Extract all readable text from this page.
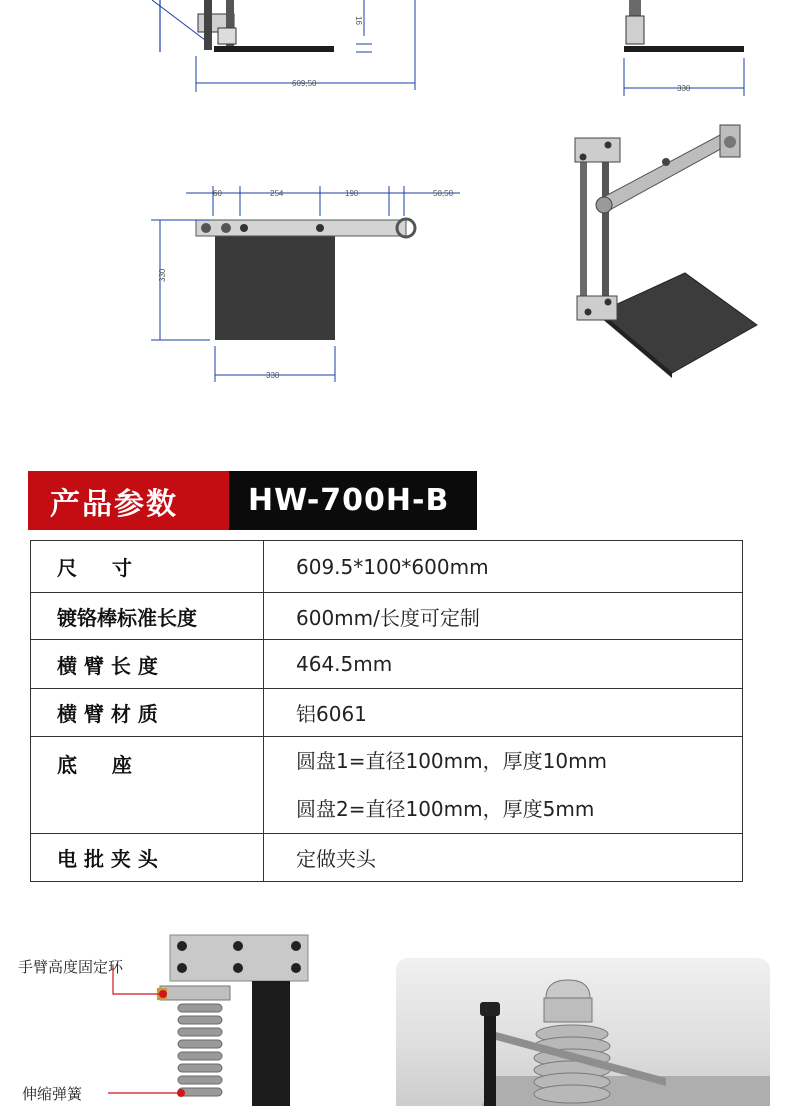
16
609,50
330
60	254	190	50,50
330
330
产品参数	HW-700H-B
尺     寸	609.5*100*600mm
镀铬棒标准长度	600mm/长度可定制
横 臂 长 度	464.5mm
横 臂 材 质	铝6061
底     座	圆盘1=直径100mm，厚度10mm
圆盘2=直径100mm，厚度5mm

电 批 夹 头	定做夹头
手臂高度固定环
伸缩弹簧
